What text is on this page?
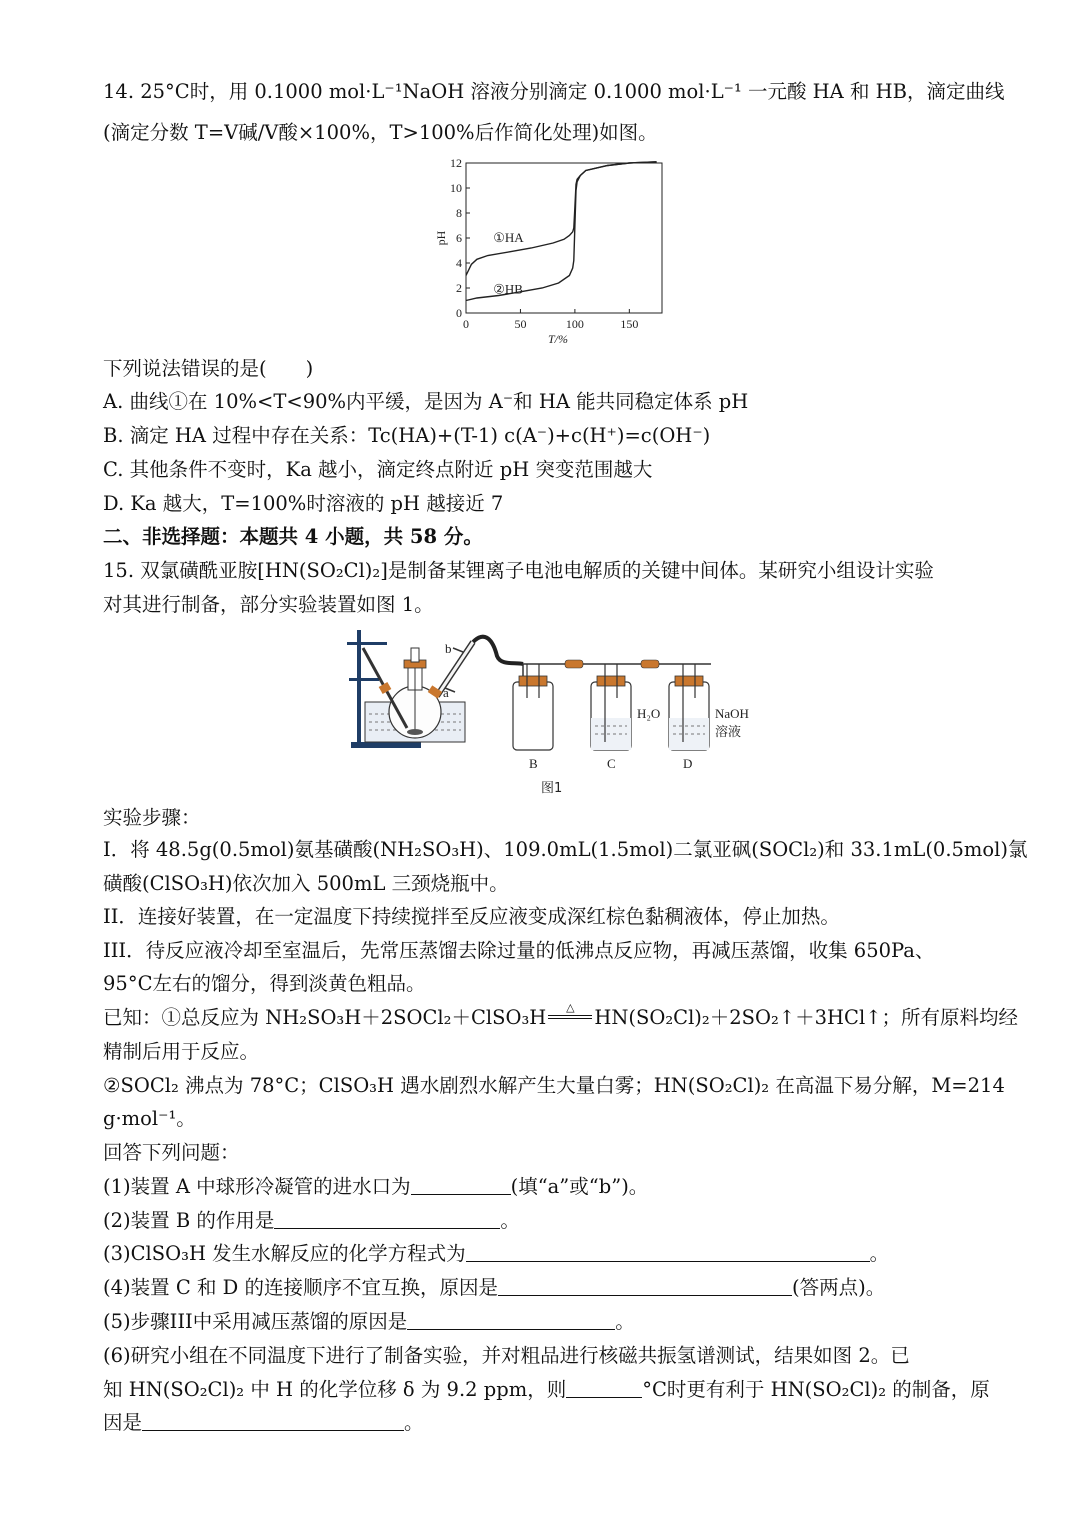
14. 25°C时，用 0.1000 mol·L⁻¹NaOH 溶液分别滴定 0.1000 mol·L⁻¹ 一元酸 HA 和 HB，滴定曲线
(滴定分数 T=V碱/V酸×100%，T>100%后作简化处理)如图。
0
2
4
6
8
10
12
0	50	100	150
pH
T/%
①HA
②HB
下列说法错误的是(　　)
A. 曲线①在 10%<T<90%内平缓，是因为 A⁻和 HA 能共同稳定体系 pH
B. 滴定 HA 过程中存在关系：Tc(HA)+(T-1) c(A⁻)+c(H⁺)=c(OH⁻)
C. 其他条件不变时，Ka 越小，滴定终点附近 pH 突变范围越大
D. Ka 越大，T=100%时溶液的 pH 越接近 7
二、非选择题：本题共 4 小题，共 58 分。
15. 双氯磺酰亚胺[HN(SO₂Cl)₂]是制备某锂离子电池电解质的关键中间体。某研究小组设计实验
对其进行制备，部分实验装置如图 1。
b
a
H₂O	NaOH
溶液
B	C	D
图1
实验步骤：
I．将 48.5g(0.5mol)氨基磺酸(NH₂SO₃H)、109.0mL(1.5mol)二氯亚砜(SOCl₂)和 33.1mL(0.5mol)氯
磺酸(ClSO₃H)依次加入 500mL 三颈烧瓶中。
II．连接好装置，在一定温度下持续搅拌至反应液变成深红棕色黏稠液体，停止加热。
III．待反应液冷却至室温后，先常压蒸馏去除过量的低沸点反应物，再减压蒸馏，收集 650Pa、
95°C左右的馏分，得到淡黄色粗品。
已知：①总反应为 NH₂SO₃H＋2SOCl₂＋ClSO₃H	△	HN(SO₂Cl)₂＋2SO₂↑＋3HCl↑；所有原料均经
精制后用于反应。
②SOCl₂ 沸点为 78°C；ClSO₃H 遇水剧烈水解产生大量白雾；HN(SO₂Cl)₂ 在高温下易分解，M=214
g·mol⁻¹。
回答下列问题：
(1)装置 A 中球形冷凝管的进水口为	(填“a”或“b”)。
(2)装置 B 的作用是	。
(3)ClSO₃H 发生水解反应的化学方程式为	。
(4)装置 C 和 D 的连接顺序不宜互换，原因是	(答两点)。
(5)步骤III中采用减压蒸馏的原因是	。
(6)研究小组在不同温度下进行了制备实验，并对粗品进行核磁共振氢谱测试，结果如图 2。已
知 HN(SO₂Cl)₂ 中 H 的化学位移 δ 为 9.2 ppm，则	°C时更有利于 HN(SO₂Cl)₂ 的制备，原
因是	。
